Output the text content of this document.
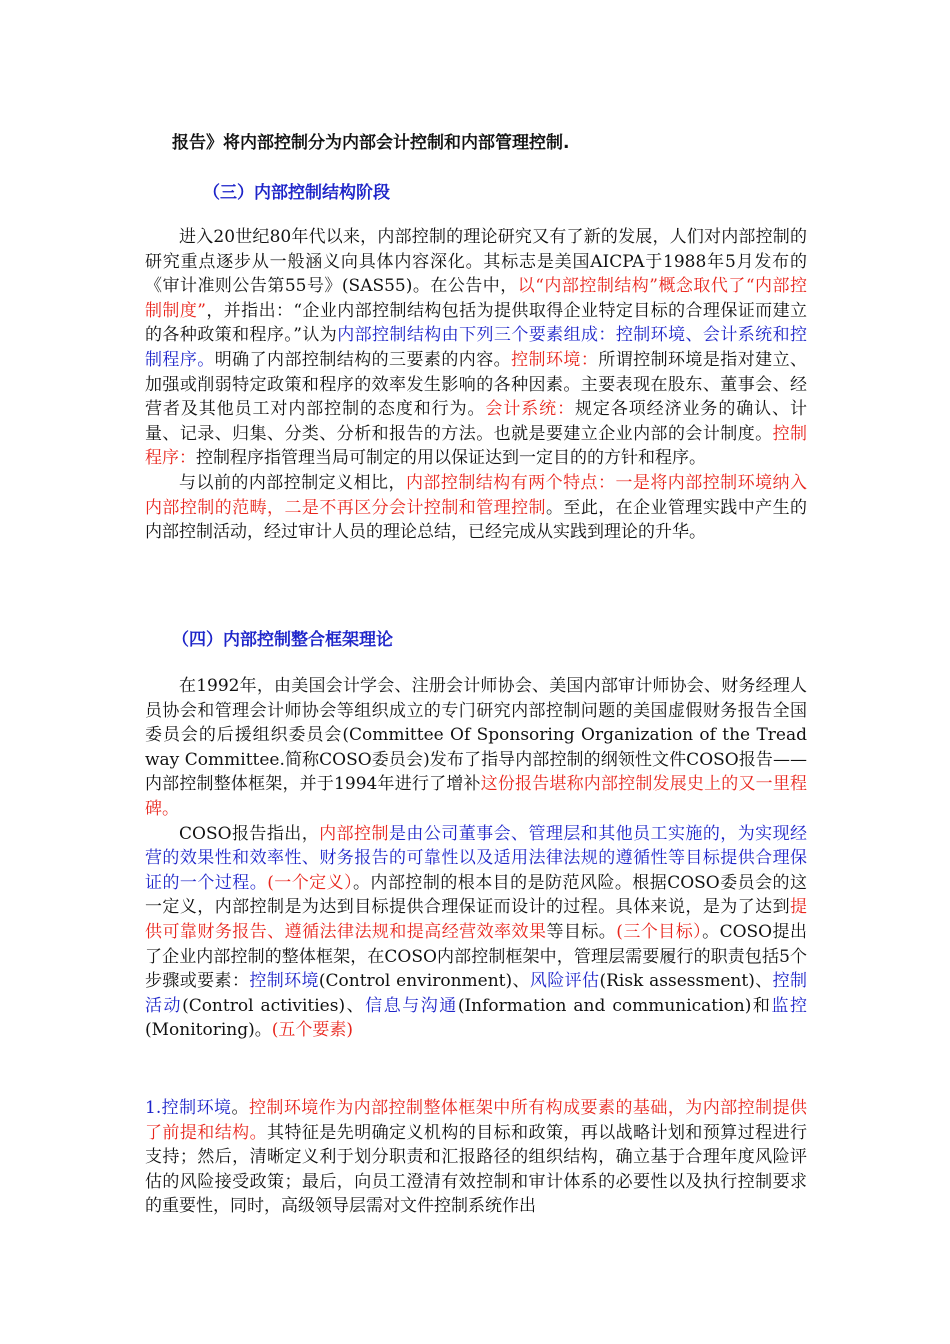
报告》将内部控制分为内部会计控制和内部管理控制.
（三）内部控制结构阶段

进入20世纪80年代以来，内部控制的理论研究又有了新的发展，人们对内部控制的研究重点逐步从一般涵义向具体内容深化。其标志是美国AICPA于1988年5月发布的《审计准则公告第55号》(SAS55)。在公告中，以“内部控制结构”概念取代了“内部控制制度”，并指出：“企业内部控制结构包括为提供取得企业特定目标的合理保证而建立的各种政策和程序。”认为内部控制结构由下列三个要素组成：控制环境、会计系统和控制程序。明确了内部控制结构的三要素的内容。控制环境：所谓控制环境是指对建立、加强或削弱特定政策和程序的效率发生影响的各种因素。主要表现在股东、董事会、经营者及其他员工对内部控制的态度和行为。会计系统：规定各项经济业务的确认、计量、记录、归集、分类、分析和报告的方法。也就是要建立企业内部的会计制度。控制程序：控制程序指管理当局可制定的用以保证达到一定目的的方针和程序。

与以前的内部控制定义相比，内部控制结构有两个特点：一是将内部控制环境纳入内部控制的范畴，二是不再区分会计控制和管理控制。至此，在企业管理实践中产生的内部控制活动，经过审计人员的理论总结，已经完成从实践到理论的升华。

（四）内部控制整合框架理论

在1992年，由美国会计学会、注册会计师协会、美国内部审计师协会、财务经理人员协会和管理会计师协会等组织成立的专门研究内部控制问题的美国虚假财务报告全国委员会的后援组织委员会(Committee Of Sponsoring Organization of the Tread way Committee.简称COSO委员会)发布了指导内部控制的纲领性文件COSO报告——内部控制整体框架，并于1994年进行了增补这份报告堪称内部控制发展史上的又一里程碑。

COSO报告指出，内部控制是由公司董事会、管理层和其他员工实施的，为实现经营的效果性和效率性、财务报告的可靠性以及适用法律法规的遵循性等目标提供合理保证的一个过程。(一个定义）。内部控制的根本目的是防范风险。根据COSO委员会的这一定义，内部控制是为达到目标提供合理保证而设计的过程。具体来说，是为了达到提供可靠财务报告、遵循法律法规和提高经营效率效果等目标。(三个目标）。COSO提出了企业内部控制的整体框架，在COSO内部控制框架中，管理层需要履行的职责包括5个步骤或要素：控制环境(Control environment)、风险评估(Risk assessment)、控制活动(Control activities)、信息与沟通(Information and communication)和监控(Monitoring)。(五个要素)

1.控制环境。控制环境作为内部控制整体框架中所有构成要素的基础，为内部控制提供了前提和结构。其特征是先明确定义机构的目标和政策，再以战略计划和预算过程进行支持；然后，清晰定义利于划分职责和汇报路径的组织结构，确立基于合理年度风险评估的风险接受政策；最后，向员工澄清有效控制和审计体系的必要性以及执行控制要求的重要性，同时，高级领导层需对文件控制系统作出
